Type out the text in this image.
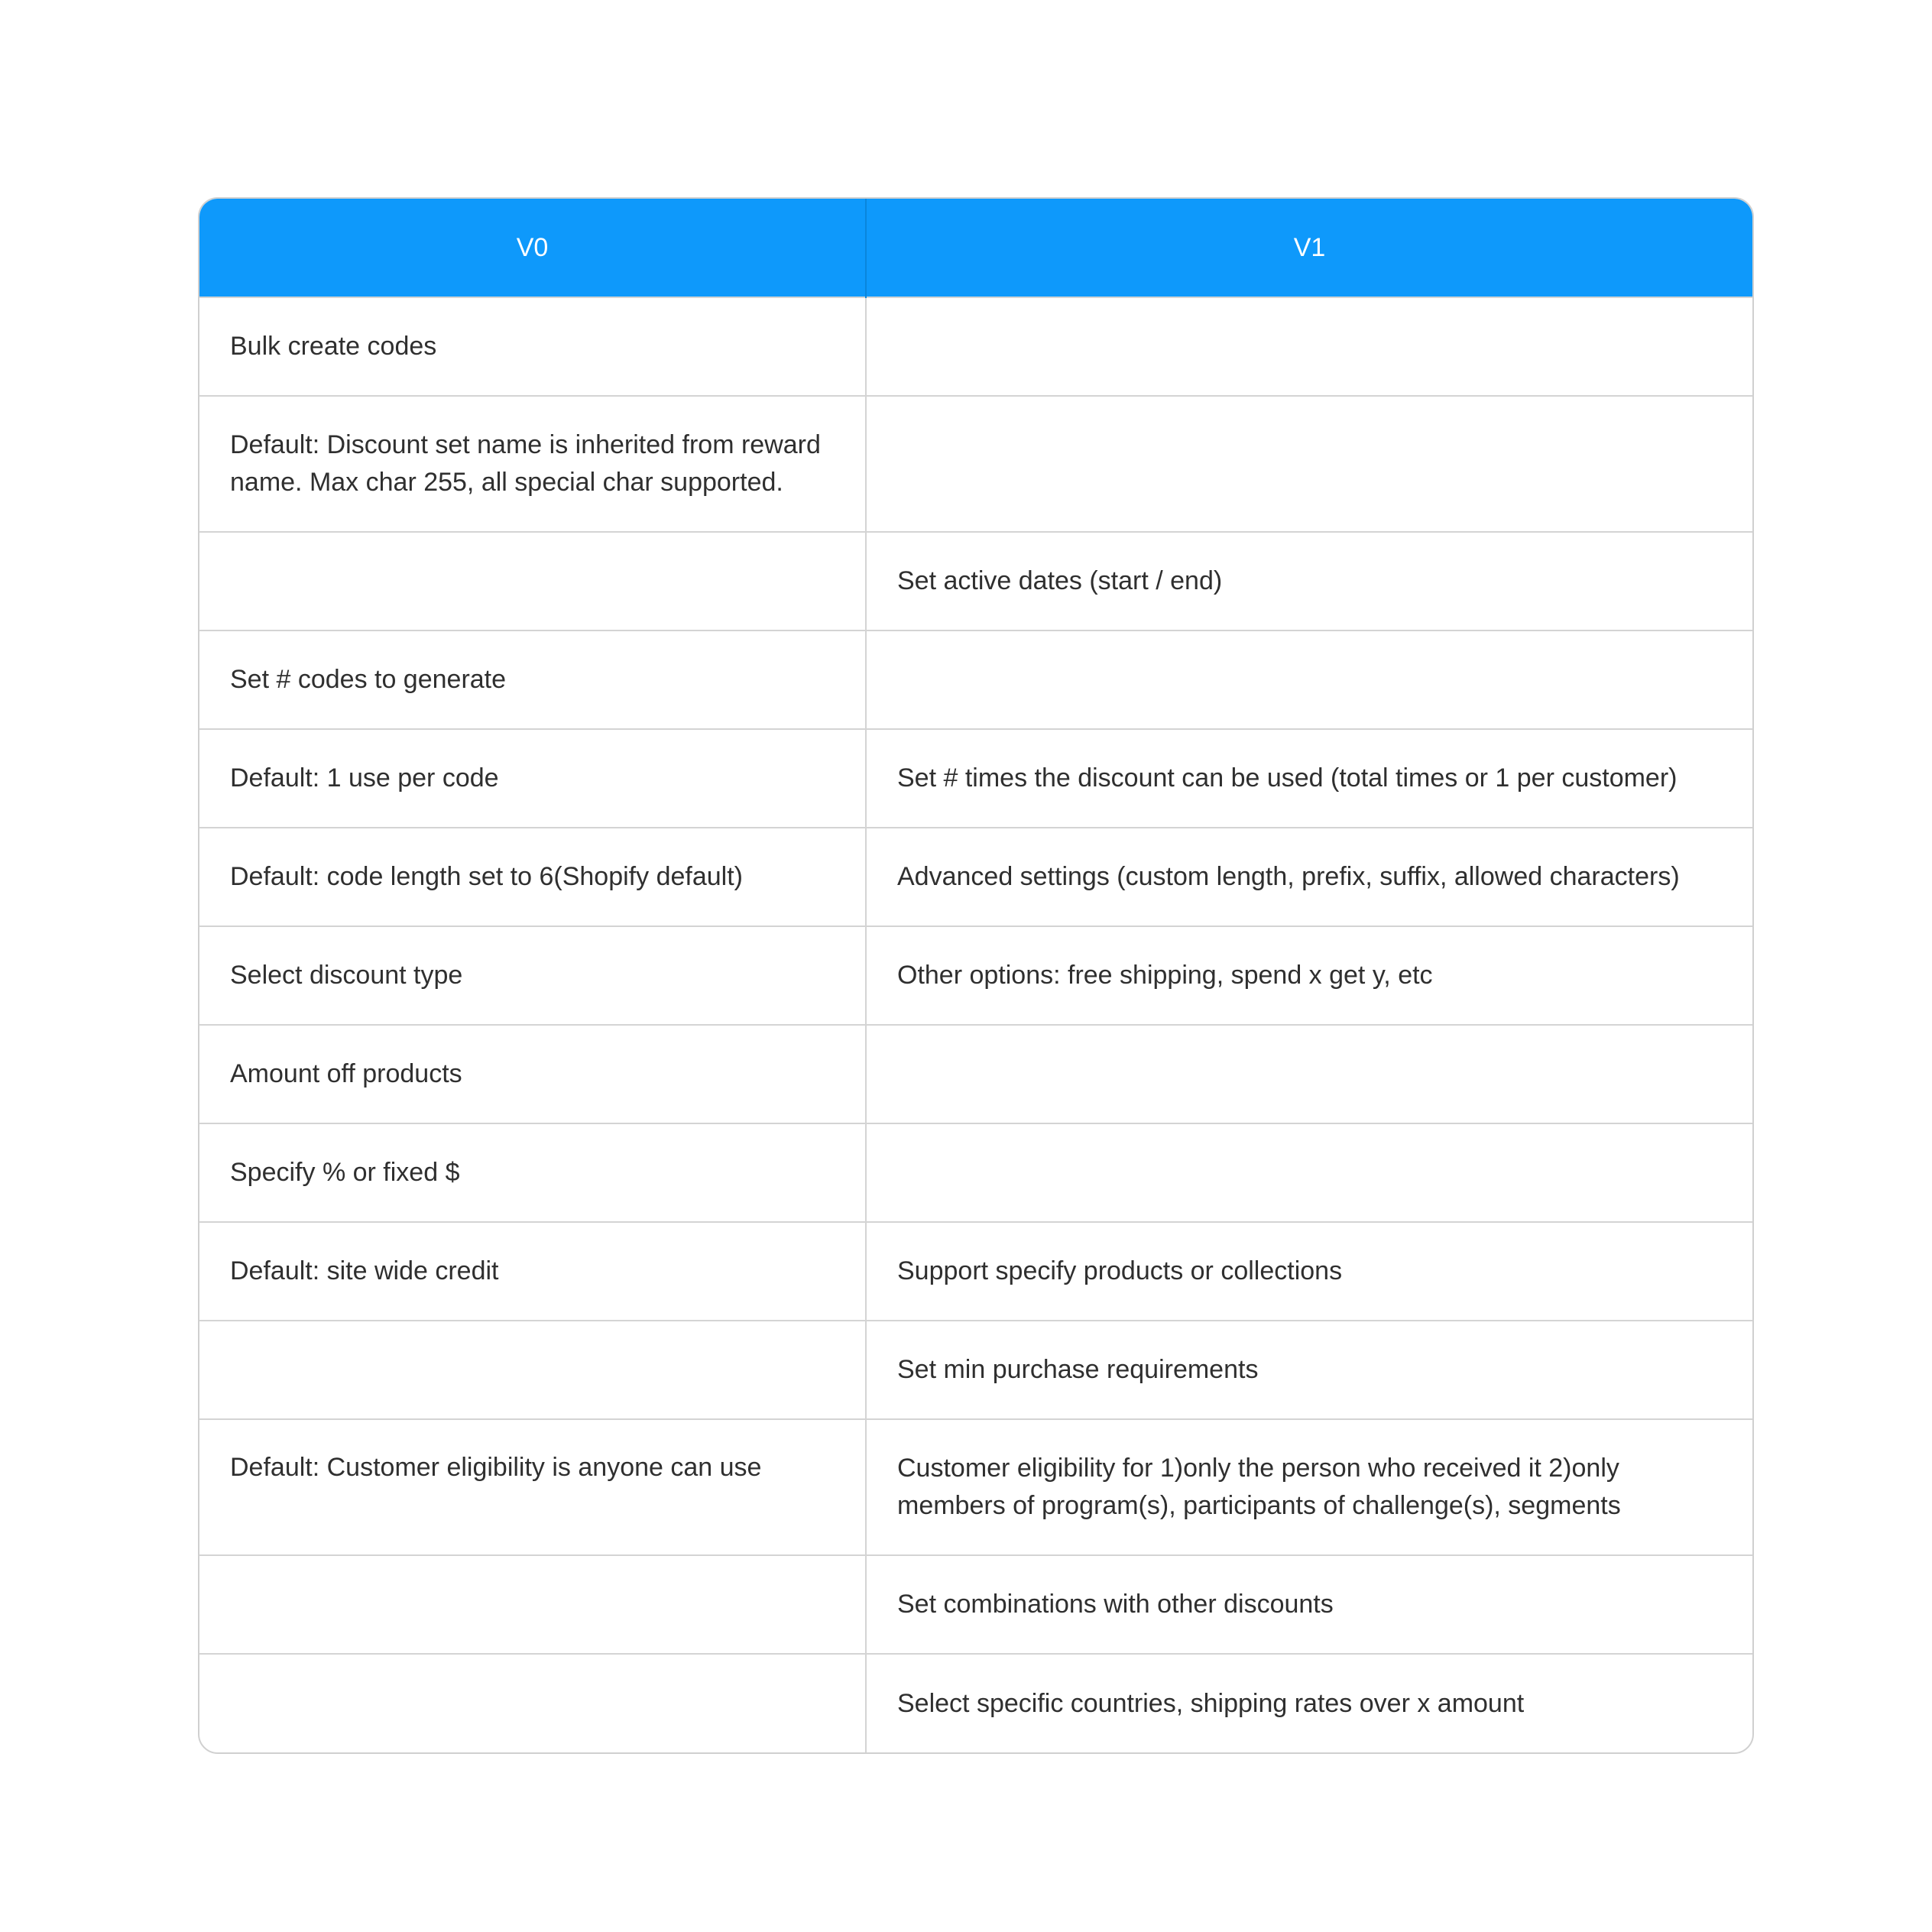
V0	V1
Bulk create codes	
Default: Discount set name is inherited from reward name. Max char 255, all special char supported.	
	Set active dates (start / end)
Set # codes to generate	
Default: 1 use per code	Set # times the discount can be used (total times or 1 per customer)
Default: code length set to 6(Shopify default)	Advanced settings (custom length, prefix, suffix, allowed characters)
Select discount type	Other options: free shipping, spend x get y, etc
Amount off products	
Specify % or fixed $	
Default: site wide credit	Support specify products or collections
	Set min purchase requirements
Default: Customer eligibility is anyone can use	Customer eligibility for 1)only the person who received it 2)only members of program(s), participants of challenge(s), segments
	Set combinations with other discounts
	Select specific countries, shipping rates over x amount
